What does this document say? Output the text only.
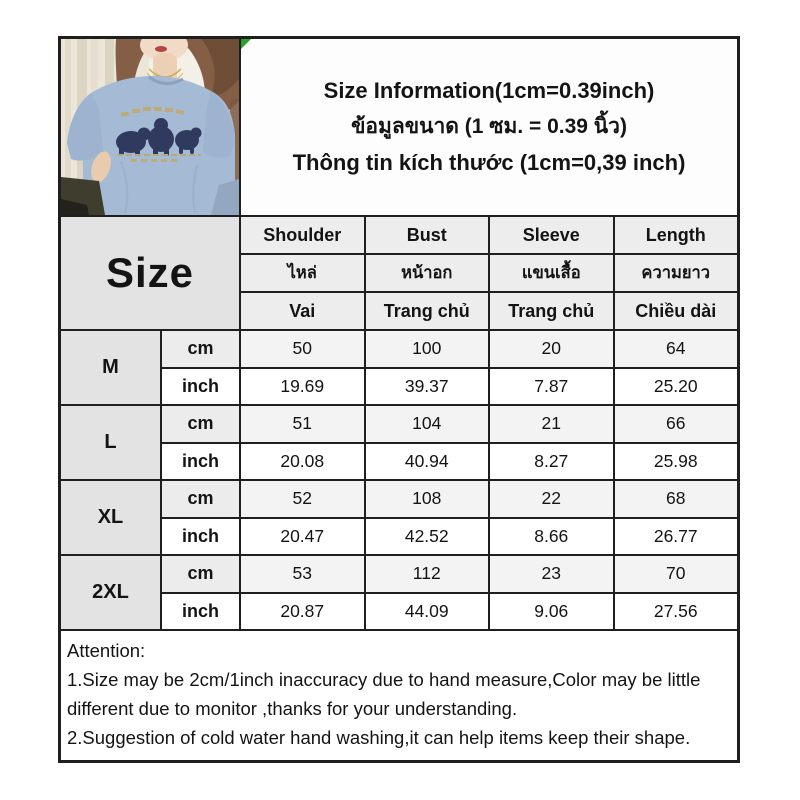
Size Information(1cm=0.39inch)
ข้อมูลขนาด (1 ซม. = 0.39 นิ้ว)
Thông tin kích thước (1cm=0,39 inch)
Size
Shoulder	Bust	Sleeve	Length
ไหล่	หน้าอก	แขนเสื้อ	ความยาว
Vai	Trang chủ	Trang chủ	Chiều dài
M
cm	50	100	20	64
inch	19.69	39.37	7.87	25.20
L
cm	51	104	21	66
inch	20.08	40.94	8.27	25.98
XL
cm	52	108	22	68
inch	20.47	42.52	8.66	26.77
2XL
cm	53	112	23	70
inch	20.87	44.09	9.06	27.56
Attention:
1.Size may be 2cm/1inch inaccuracy due to hand measure,Color may be little different due to monitor ,thanks for your understanding.
2.Suggestion of cold water hand washing,it can help items keep their shape.
